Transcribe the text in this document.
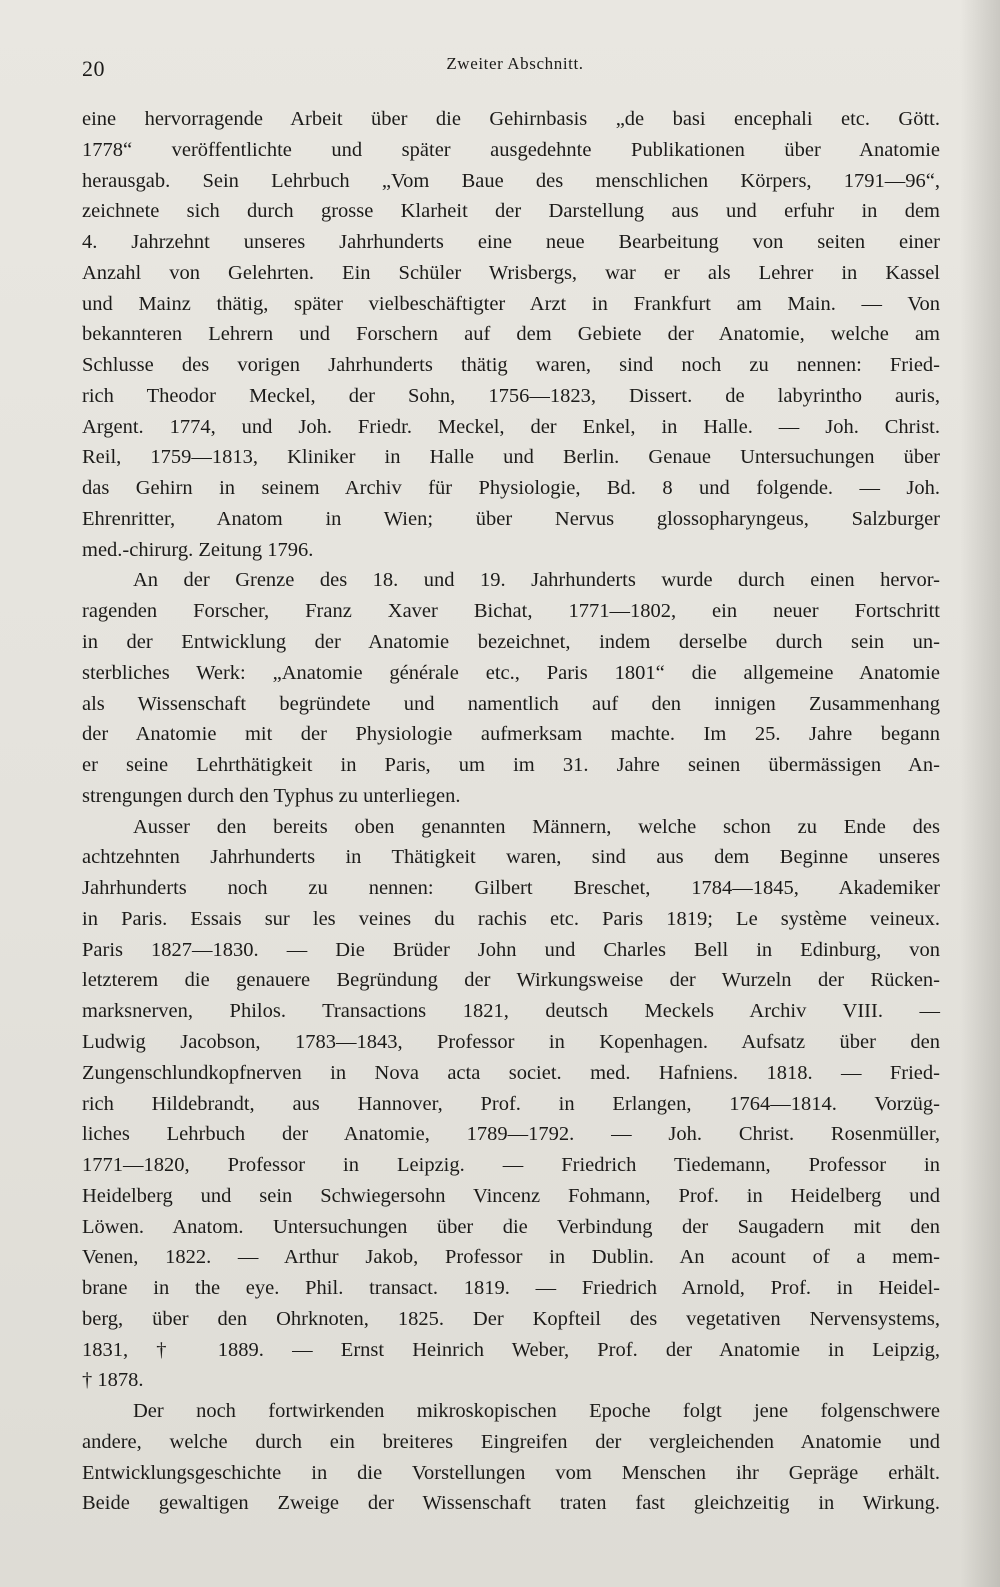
20	Zweiter Abschnitt.
eine hervorragende Arbeit über die Gehirnbasis „de basi encephali etc. Gött.
1778“ veröffentlichte und später ausgedehnte Publikationen über Anatomie
herausgab. Sein Lehrbuch „Vom Baue des menschlichen Körpers, 1791—96“,
zeichnete sich durch grosse Klarheit der Darstellung aus und erfuhr in dem
4. Jahrzehnt unseres Jahrhunderts eine neue Bearbeitung von seiten einer
Anzahl von Gelehrten. Ein Schüler Wrisbergs, war er als Lehrer in Kassel
und Mainz thätig, später vielbeschäftigter Arzt in Frankfurt am Main. — Von
bekannteren Lehrern und Forschern auf dem Gebiete der Anatomie, welche am
Schlusse des vorigen Jahrhunderts thätig waren, sind noch zu nennen: Fried-
rich Theodor Meckel, der Sohn, 1756—1823, Dissert. de labyrintho auris,
Argent. 1774, und Joh. Friedr. Meckel, der Enkel, in Halle. — Joh. Christ.
Reil, 1759—1813, Kliniker in Halle und Berlin. Genaue Untersuchungen über
das Gehirn in seinem Archiv für Physiologie, Bd. 8 und folgende. — Joh.
Ehrenritter, Anatom in Wien; über Nervus glossopharyngeus, Salzburger
med.-chirurg. Zeitung 1796.
An der Grenze des 18. und 19. Jahrhunderts wurde durch einen hervor-
ragenden Forscher, Franz Xaver Bichat, 1771—1802, ein neuer Fortschritt
in der Entwicklung der Anatomie bezeichnet, indem derselbe durch sein un-
sterbliches Werk: „Anatomie générale etc., Paris 1801“ die allgemeine Anatomie
als Wissenschaft begründete und namentlich auf den innigen Zusammenhang
der Anatomie mit der Physiologie aufmerksam machte. Im 25. Jahre begann
er seine Lehrthätigkeit in Paris, um im 31. Jahre seinen übermässigen An-
strengungen durch den Typhus zu unterliegen.
Ausser den bereits oben genannten Männern, welche schon zu Ende des
achtzehnten Jahrhunderts in Thätigkeit waren, sind aus dem Beginne unseres
Jahrhunderts noch zu nennen: Gilbert Breschet, 1784—1845, Akademiker
in Paris. Essais sur les veines du rachis etc. Paris 1819; Le système veineux.
Paris 1827—1830. — Die Brüder John und Charles Bell in Edinburg, von
letzterem die genauere Begründung der Wirkungsweise der Wurzeln der Rücken-
marksnerven, Philos. Transactions 1821, deutsch Meckels Archiv VIII. —
Ludwig Jacobson, 1783—1843, Professor in Kopenhagen. Aufsatz über den
Zungenschlundkopfnerven in Nova acta societ. med. Hafniens. 1818. — Fried-
rich Hildebrandt, aus Hannover, Prof. in Erlangen, 1764—1814. Vorzüg-
liches Lehrbuch der Anatomie, 1789—1792. — Joh. Christ. Rosenmüller,
1771—1820, Professor in Leipzig. — Friedrich Tiedemann, Professor in
Heidelberg und sein Schwiegersohn Vincenz Fohmann, Prof. in Heidelberg und
Löwen. Anatom. Untersuchungen über die Verbindung der Saugadern mit den
Venen, 1822. — Arthur Jakob, Professor in Dublin. An acount of a mem-
brane in the eye. Phil. transact. 1819. — Friedrich Arnold, Prof. in Heidel-
berg, über den Ohrknoten, 1825. Der Kopfteil des vegetativen Nervensystems,
1831, † 1889. — Ernst Heinrich Weber, Prof. der Anatomie in Leipzig,
† 1878.
Der noch fortwirkenden mikroskopischen Epoche folgt jene folgenschwere
andere, welche durch ein breiteres Eingreifen der vergleichenden Anatomie und
Entwicklungsgeschichte in die Vorstellungen vom Menschen ihr Gepräge erhält.
Beide gewaltigen Zweige der Wissenschaft traten fast gleichzeitig in Wirkung.
